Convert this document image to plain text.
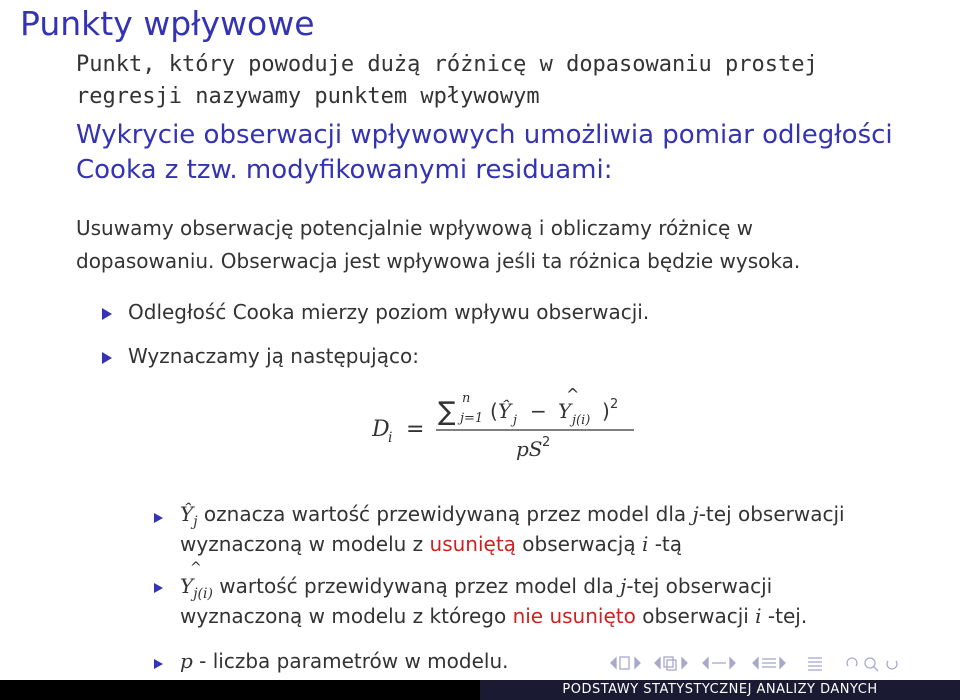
Punkty wpływowe
Punkt, który powoduje dużą różnicę w dopasowaniu prostej
regresji nazywamy punktem wpływowym
Wykrycie obserwacji wpływowych umożliwia pomiar odległości
Cooka z tzw. modyfikowanymi residuami:
Usuwamy obserwację potencjalnie wpływową i obliczamy różnicę w
dopasowaniu. Obserwacja jest wpływowa jeśli ta różnica będzie wysoka.
Odległość Cooka mierzy poziom wpływu obserwacji.
Wyznaczamy ją następująco:
D
i =
∑ n
j=1 ( Ŷ j − Y j(i)
^
) 2
pS 2
$Ŷ_j$ oznacza wartość przewidywaną przez model dla j-tej obserwacji
wyznaczoną w modelu z usuniętą obserwacją i -tą
^
$Y_{j(i)}$ wartość przewidywaną przez model dla j-tej obserwacji
wyznaczoną w modelu z którego nie usunięto obserwacji i -tej.
p - liczba parametrów w modelu.
PODSTAWY STATYSTYCZNEJ ANALIZY DANYCH
